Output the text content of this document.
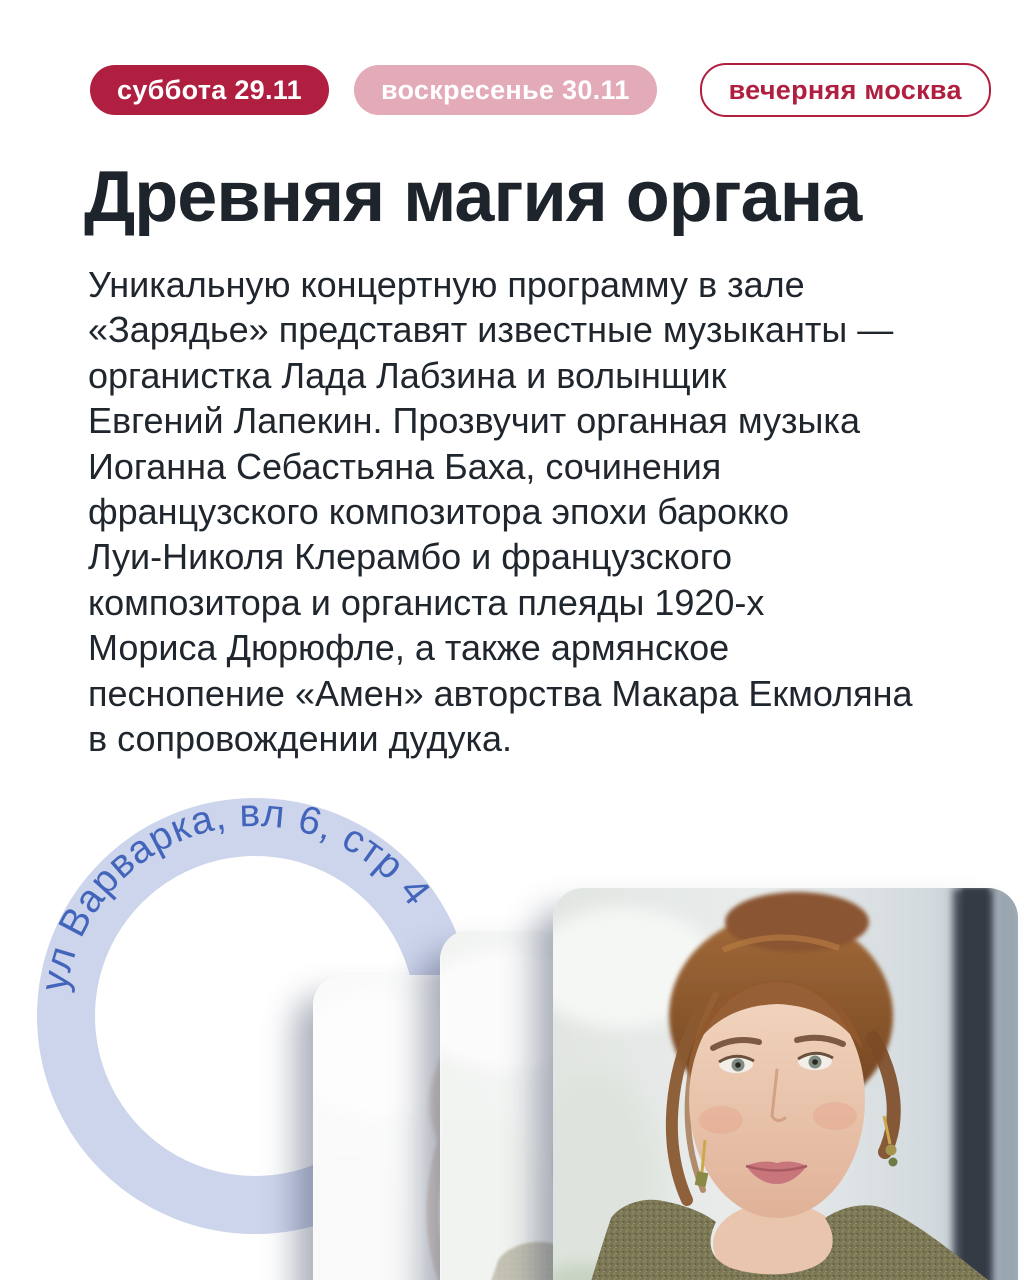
суббота 29.11	воскресенье 30.11	вечерняя москва
Древняя магия органа
Уникальную концертную программу в зале
«Зарядье» представят известные музыканты —
органистка Лада Лабзина и волынщик
Евгений Лапекин. Прозвучит органная музыка
Иоганна Себастьяна Баха, сочинения
французского композитора эпохи барокко
Луи-Николя Клерамбо и французского
композитора и органиста плеяды 1920-х
Мориса Дюрюфле, а также армянское
песнопение «Амен» авторства Макара Екмоляна
в сопровождении дудука.
ул Варварка, вл 6, стр 4
